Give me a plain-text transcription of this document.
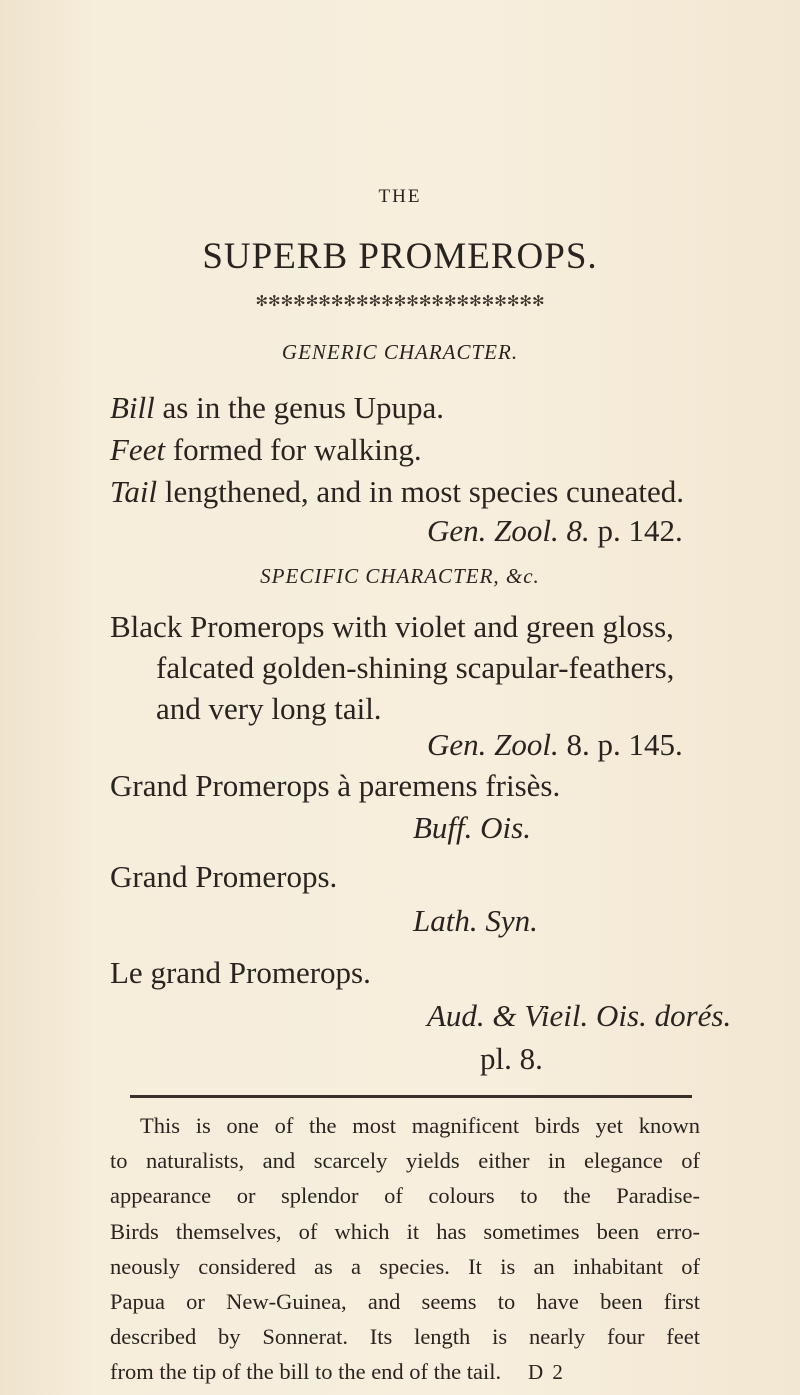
THE
SUPERB PROMEROPS.
✻✻✻✻✻✻✻✻✻✻✻✻✻✻✻✻✻✻✻✻✻✻✻
GENERIC CHARACTER.
Bill as in the genus Upupa.
Feet formed for walking.
Tail lengthened, and in most species cuneated.
Gen. Zool. 8. p. 142.
SPECIFIC CHARACTER, &c.
Black Promerops with violet and green gloss,
falcated golden-shining scapular-feathers,
and very long tail.
Gen. Zool. 8. p. 145.
Grand Promerops à paremens frisès.
Buff. Ois.
Grand Promerops.
Lath. Syn.
Le grand Promerops.
Aud. & Vieil. Ois. dorés.
pl. 8.
This is one of the most magnificent birds yet known
to naturalists, and scarcely yields either in elegance of
appearance or splendor of colours to the Paradise-
Birds themselves, of which it has sometimes been erro-
neously considered as a species. It is an inhabitant of
Papua or New-Guinea, and seems to have been first
described by Sonnerat. Its length is nearly four feet
from the tip of the bill to the end of the tail.	D 2
